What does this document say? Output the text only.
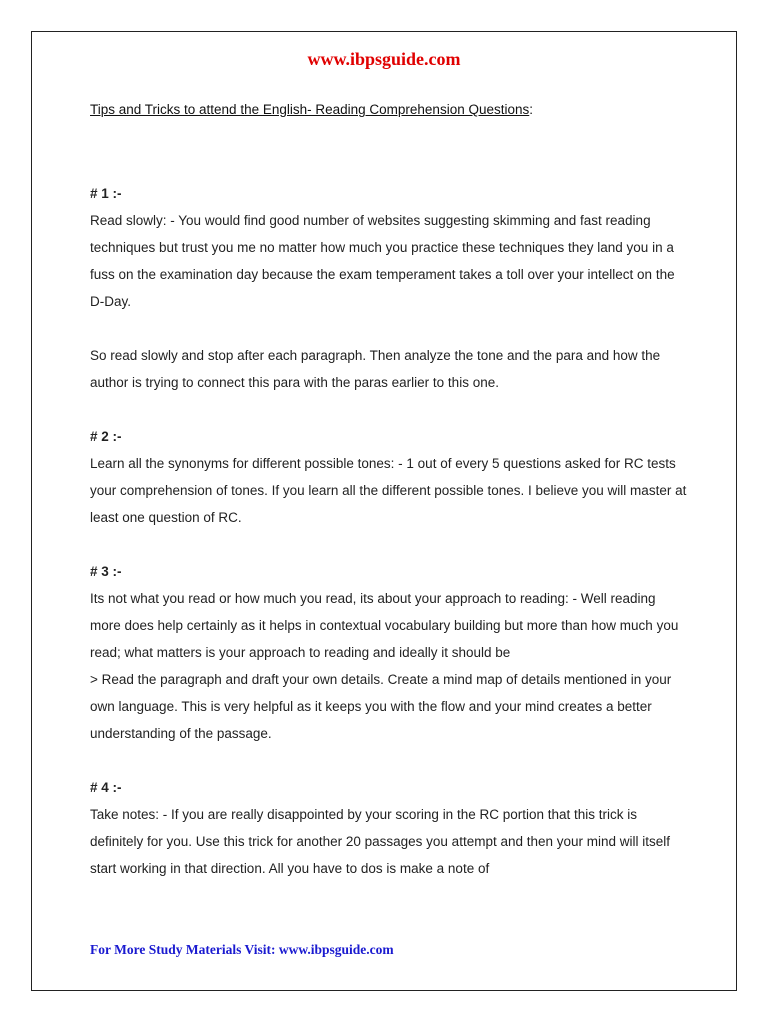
www.ibpsguide.com

Tips and Tricks to attend the English- Reading Comprehension Questions:

# 1 :-
Read slowly: - You would find good number of websites suggesting skimming and fast reading techniques but trust you me no matter how much you practice these techniques they land you in a fuss on the examination day because the exam temperament takes a toll over your intellect on the D-Day.
So read slowly and stop after each paragraph. Then analyze the tone and the para and how the author is trying to connect this para with the paras earlier to this one.
# 2 :-
Learn all the synonyms for different possible tones: - 1 out of every 5 questions asked for RC tests your comprehension of tones. If you learn all the different possible tones. I believe you will master at least one question of RC.
# 3 :-
Its not what you read or how much you read, its about your approach to reading: - Well reading more does help certainly as it helps in contextual vocabulary building but more than how much you read; what matters is your approach to reading and ideally it should be
> Read the paragraph and draft your own details. Create a mind map of details mentioned in your own language. This is very helpful as it keeps you with the flow and your mind creates a better understanding of the passage.
# 4 :-
Take notes: - If you are really disappointed by your scoring in the RC portion that this trick is definitely for you. Use this trick for another 20 passages you attempt and then your mind will itself start working in that direction. All you have to dos is make a note of

For More Study Materials Visit: www.ibpsguide.com
